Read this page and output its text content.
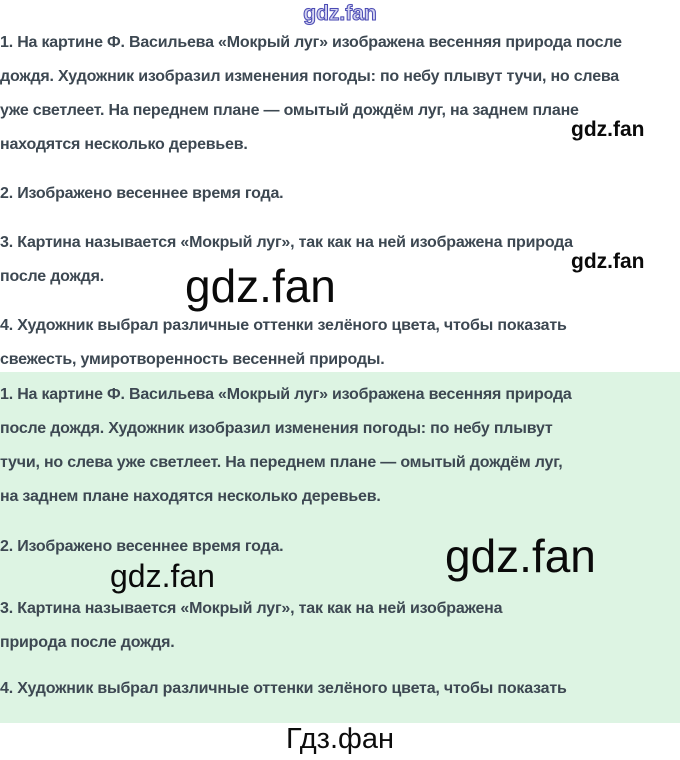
gdz.fan
1. На картине Ф. Васильева «Мокрый луг» изображена весенняя природа после
дождя. Художник изобразил изменения погоды: по небу плывут тучи, но слева
уже светлеет. На переднем плане — омытый дождём луг, на заднем плане
находятся несколько деревьев.
2. Изображено весеннее время года.
3. Картина называется «Мокрый луг», так как на ней изображена природа
после дождя.
4. Художник выбрал различные оттенки зелёного цвета, чтобы показать
свежесть, умиротворенность весенней природы.
gdz.fan
gdz.fan
gdz.fan
1. На картине Ф. Васильева «Мокрый луг» изображена весенняя природа
после дождя. Художник изобразил изменения погоды: по небу плывут
тучи, но слева уже светлеет. На переднем плане — омытый дождём луг,
на заднем плане находятся несколько деревьев.
2. Изображено весеннее время года.
3. Картина называется «Мокрый луг», так как на ней изображена
природа после дождя.
4. Художник выбрал различные оттенки зелёного цвета, чтобы показать
gdz.fan
gdz.fan
Гдз.фан
